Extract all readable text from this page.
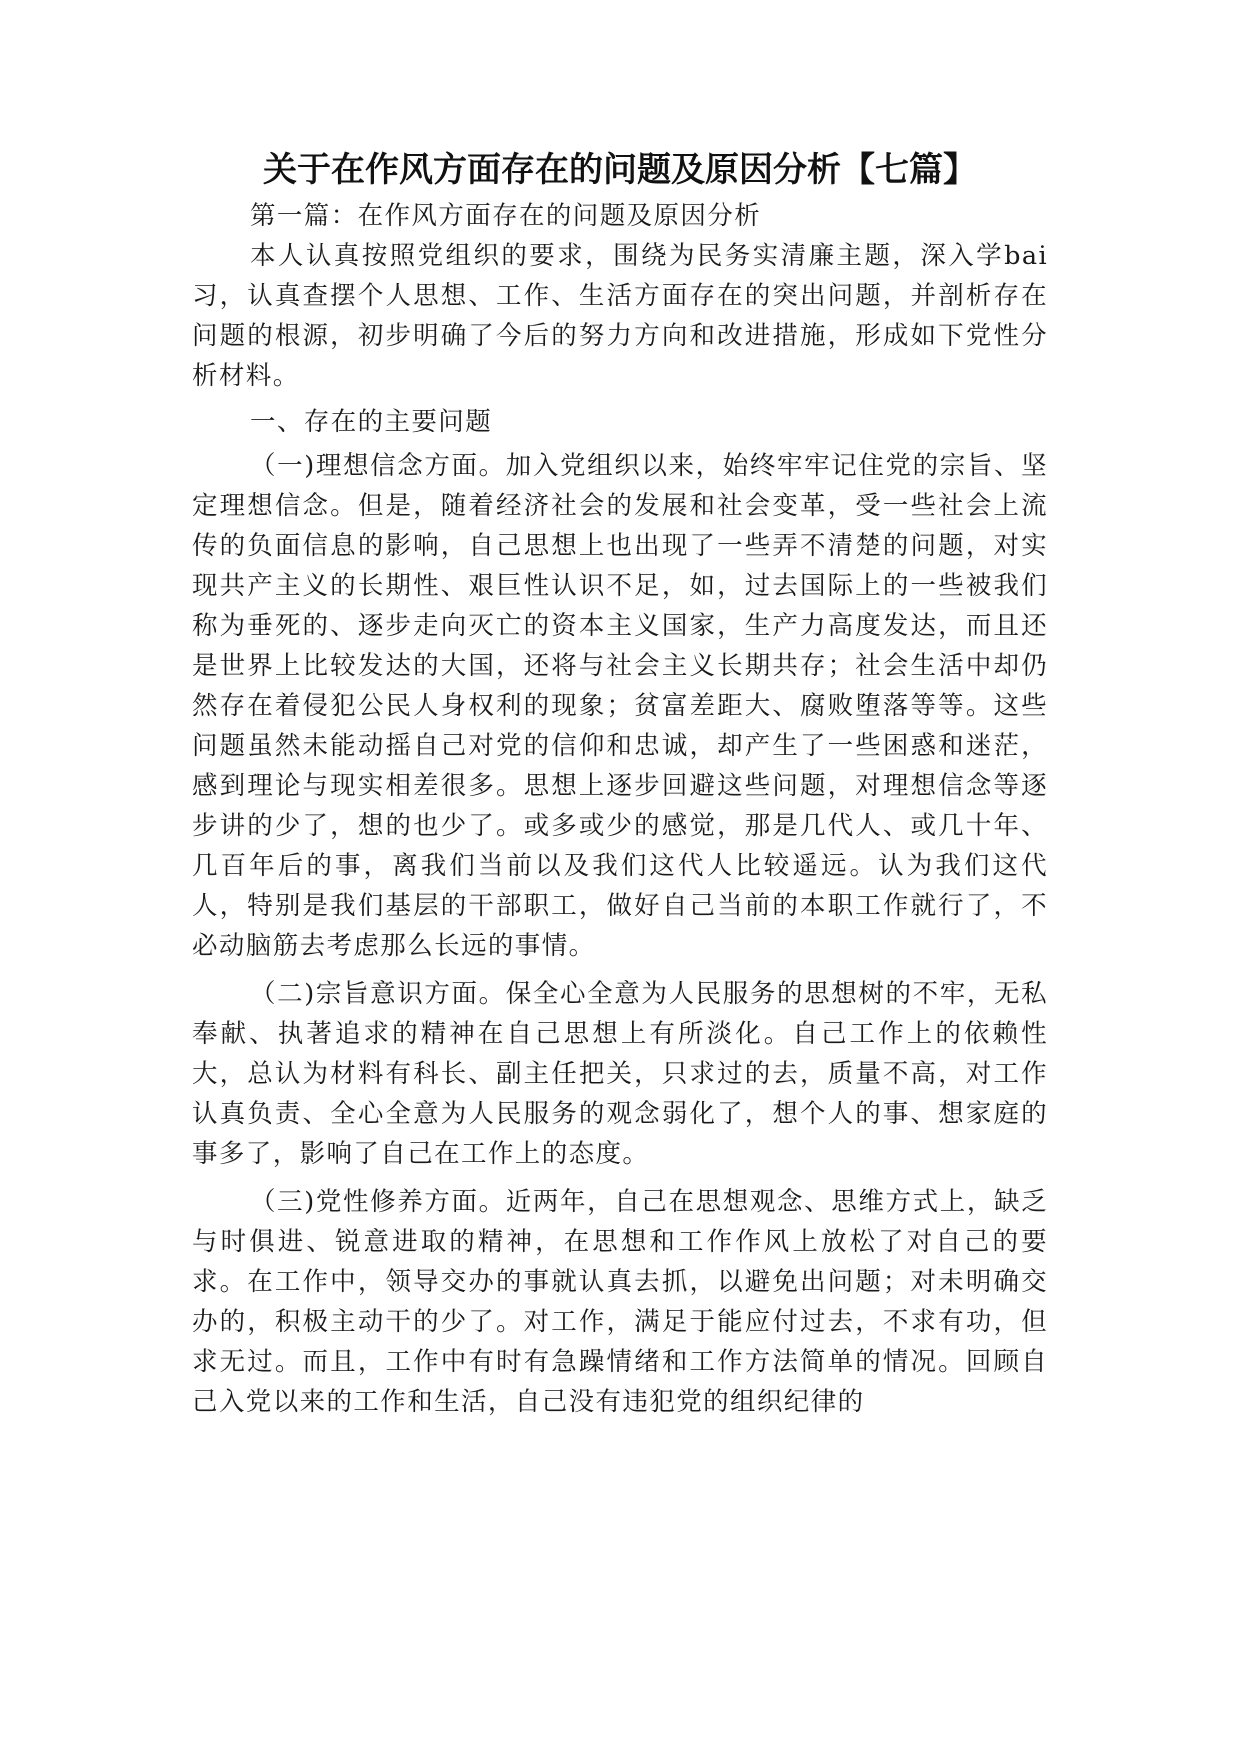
关于在作风方面存在的问题及原因分析【七篇】

第一篇：在作风方面存在的问题及原因分析

本人认真按照党组织的要求，围绕为民务实清廉主题，深入学bai 习，认真查摆个人思想、工作、生活方面存在的突出问题，并剖析存在问题的根源，初步明确了今后的努力方向和改进措施，形成如下党性分析材料。

一、存在的主要问题

（一)理想信念方面。加入党组织以来，始终牢牢记住党的宗旨、坚定理想信念。但是，随着经济社会的发展和社会变革，受一些社会上流传的负面信息的影响，自己思想上也出现了一些弄不清楚的问题，对实现共产主义的长期性、艰巨性认识不足，如，过去国际上的一些被我们称为垂死的、逐步走向灭亡的资本主义国家，生产力高度发达，而且还是世界上比较发达的大国，还将与社会主义长期共存；社会生活中却仍然存在着侵犯公民人身权利的现象；贫富差距大、腐败堕落等等。这些问题虽然未能动摇自己对党的信仰和忠诚，却产生了一些困惑和迷茫，感到理论与现实相差很多。思想上逐步回避这些问题，对理想信念等逐步讲的少了，想的也少了。或多或少的感觉，那是几代人、或几十年、几百年后的事，离我们当前以及我们这代人比较遥远。认为我们这代人，特别是我们基层的干部职工，做好自己当前的本职工作就行了，不必动脑筋去考虑那么长远的事情。

（二)宗旨意识方面。保全心全意为人民服务的思想树的不牢，无私奉献、执著追求的精神在自己思想上有所淡化。自己工作上的依赖性大，总认为材料有科长、副主任把关，只求过的去，质量不高，对工作认真负责、全心全意为人民服务的观念弱化了，想个人的事、想家庭的事多了，影响了自己在工作上的态度。

（三)党性修养方面。近两年，自己在思想观念、思维方式上，缺乏与时俱进、锐意进取的精神，在思想和工作作风上放松了对自己的要求。在工作中，领导交办的事就认真去抓，以避免出问题；对未明确交办的，积极主动干的少了。对工作，满足于能应付过去，不求有功，但求无过。而且，工作中有时有急躁情绪和工作方法简单的情况。回顾自己入党以来的工作和生活，自己没有违犯党的组织纪律的
